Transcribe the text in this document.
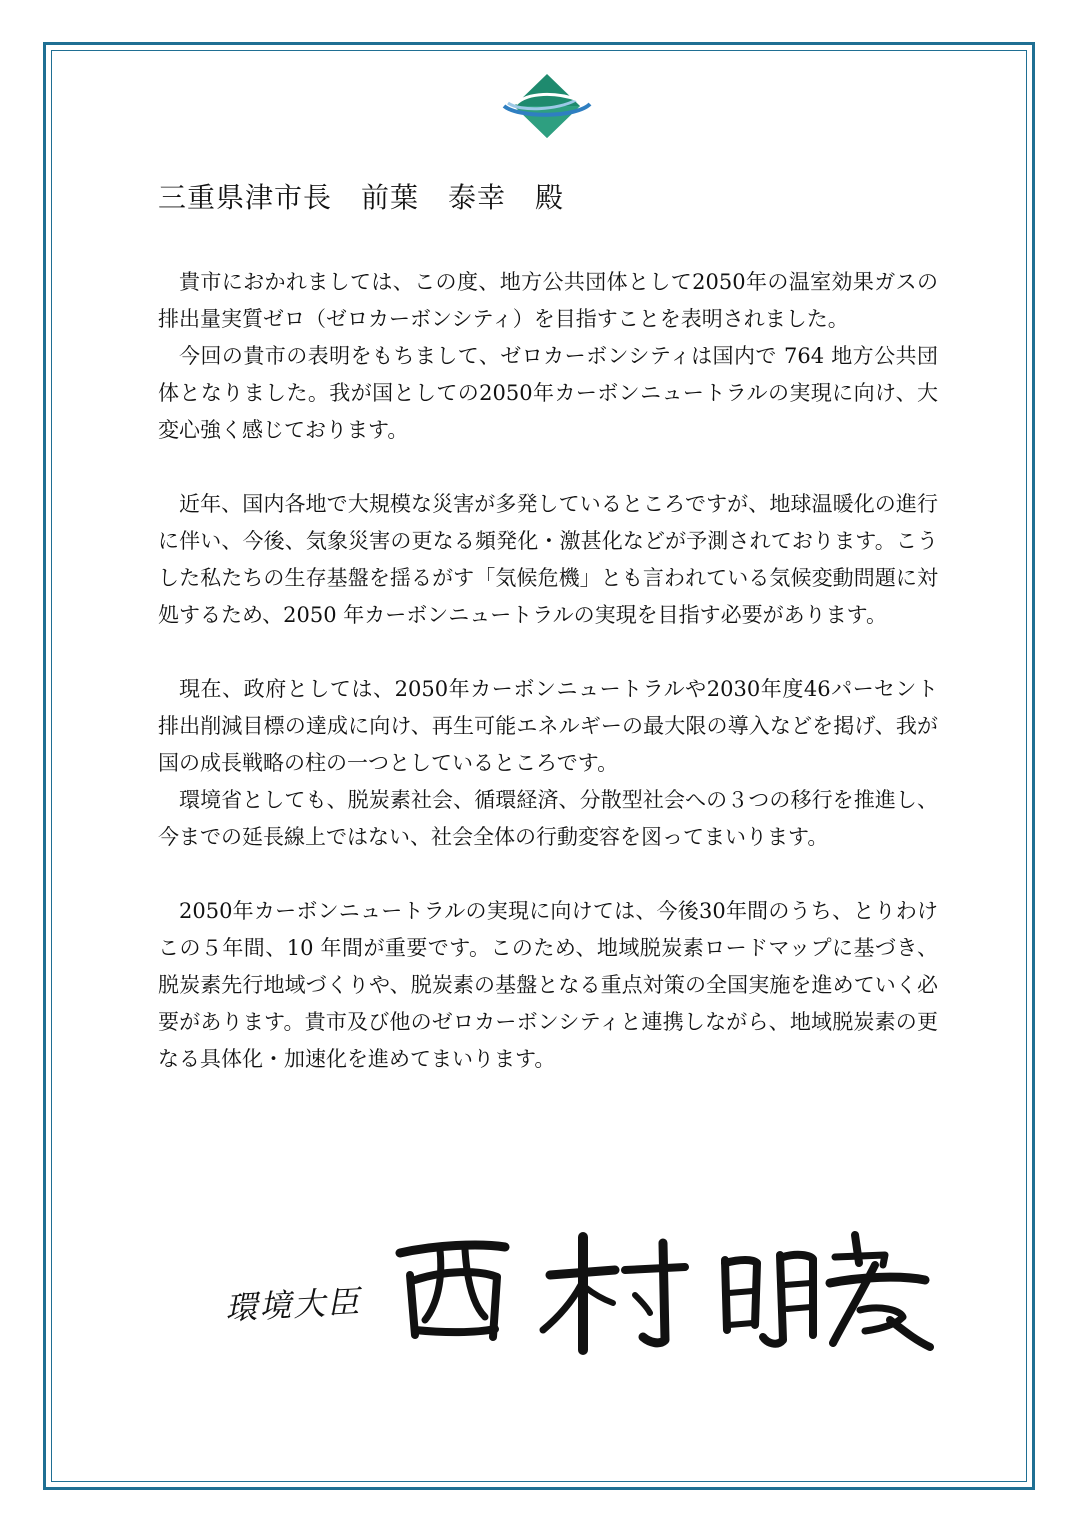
三重県津市長　前葉　泰幸　殿

貴市におかれましては、この度、地方公共団体として2050年の温室効果ガスの排出量実質ゼロ（ゼロカーボンシティ）を目指すことを表明されました。

今回の貴市の表明をもちまして、ゼロカーボンシティは国内で 764 地方公共団体となりました。我が国としての2050年カーボンニュートラルの実現に向け、大変心強く感じております。

近年、国内各地で大規模な災害が多発しているところですが、地球温暖化の進行に伴い、今後、気象災害の更なる頻発化・激甚化などが予測されております。こうした私たちの生存基盤を揺るがす「気候危機」とも言われている気候変動問題に対処するため、2050 年カーボンニュートラルの実現を目指す必要があります。

現在、政府としては、2050年カーボンニュートラルや2030年度46パーセント排出削減目標の達成に向け、再生可能エネルギーの最大限の導入などを掲げ、我が国の成長戦略の柱の一つとしているところです。

環境省としても、脱炭素社会、循環経済、分散型社会への３つの移行を推進し、今までの延長線上ではない、社会全体の行動変容を図ってまいります。

2050年カーボンニュートラルの実現に向けては、今後30年間のうち、とりわけこの５年間、10 年間が重要です。このため、地域脱炭素ロードマップに基づき、脱炭素先行地域づくりや、脱炭素の基盤となる重点対策の全国実施を進めていく必要があります。貴市及び他のゼロカーボンシティと連携しながら、地域脱炭素の更なる具体化・加速化を進めてまいります。

環境大臣
